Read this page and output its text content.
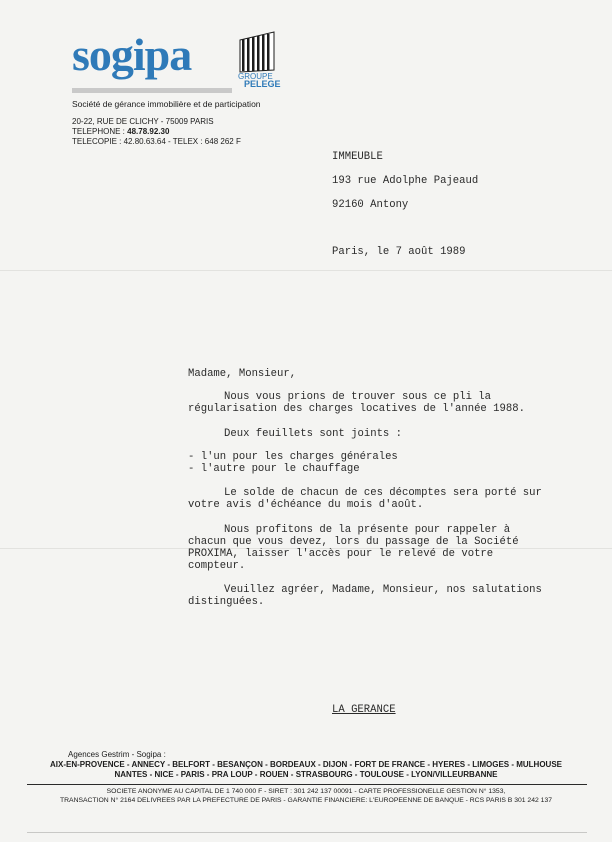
sogipa	GROUPE
PELEGE
Société de gérance immobilière et de participation
20-22, RUE DE CLICHY - 75009 PARIS
TELEPHONE : 48.78.92.30
TELECOPIE : 42.80.63.64 - TELEX : 648 262 F
IMMEUBLE
193 rue Adolphe Pajeaud
92160 Antony
Paris, le 7 août 1989
Madame, Monsieur,
Nous vous prions de trouver sous ce pli la
régularisation des charges locatives de l'année 1988.
Deux feuillets sont joints :
- l'un pour les charges générales
- l'autre pour le chauffage
Le solde de chacun de ces décomptes sera porté sur
votre avis d'échéance du mois d'août.
Nous profitons de la présente pour rappeler à
chacun que vous devez, lors du passage de la Société
PROXIMA, laisser l'accès pour le relevé de votre
compteur.
Veuillez agréer, Madame, Monsieur, nos salutations
distinguées.
LA GERANCE
Agences Gestrim - Sogipa :
AIX-EN-PROVENCE - ANNECY - BELFORT - BESANÇON - BORDEAUX - DIJON - FORT DE FRANCE - HYERES - LIMOGES - MULHOUSE
NANTES - NICE - PARIS - PRA LOUP - ROUEN - STRASBOURG - TOULOUSE - LYON/VILLEURBANNE
SOCIETE ANONYME AU CAPITAL DE 1 740 000 F - SIRET : 301 242 137 00091 - CARTE PROFESSIONELLE GESTION N° 1353,
TRANSACTION N° 2164 DELIVREES PAR LA PREFECTURE DE PARIS - GARANTIE FINANCIERE: L'EUROPEENNE DE BANQUE - RCS PARIS B 301 242 137
